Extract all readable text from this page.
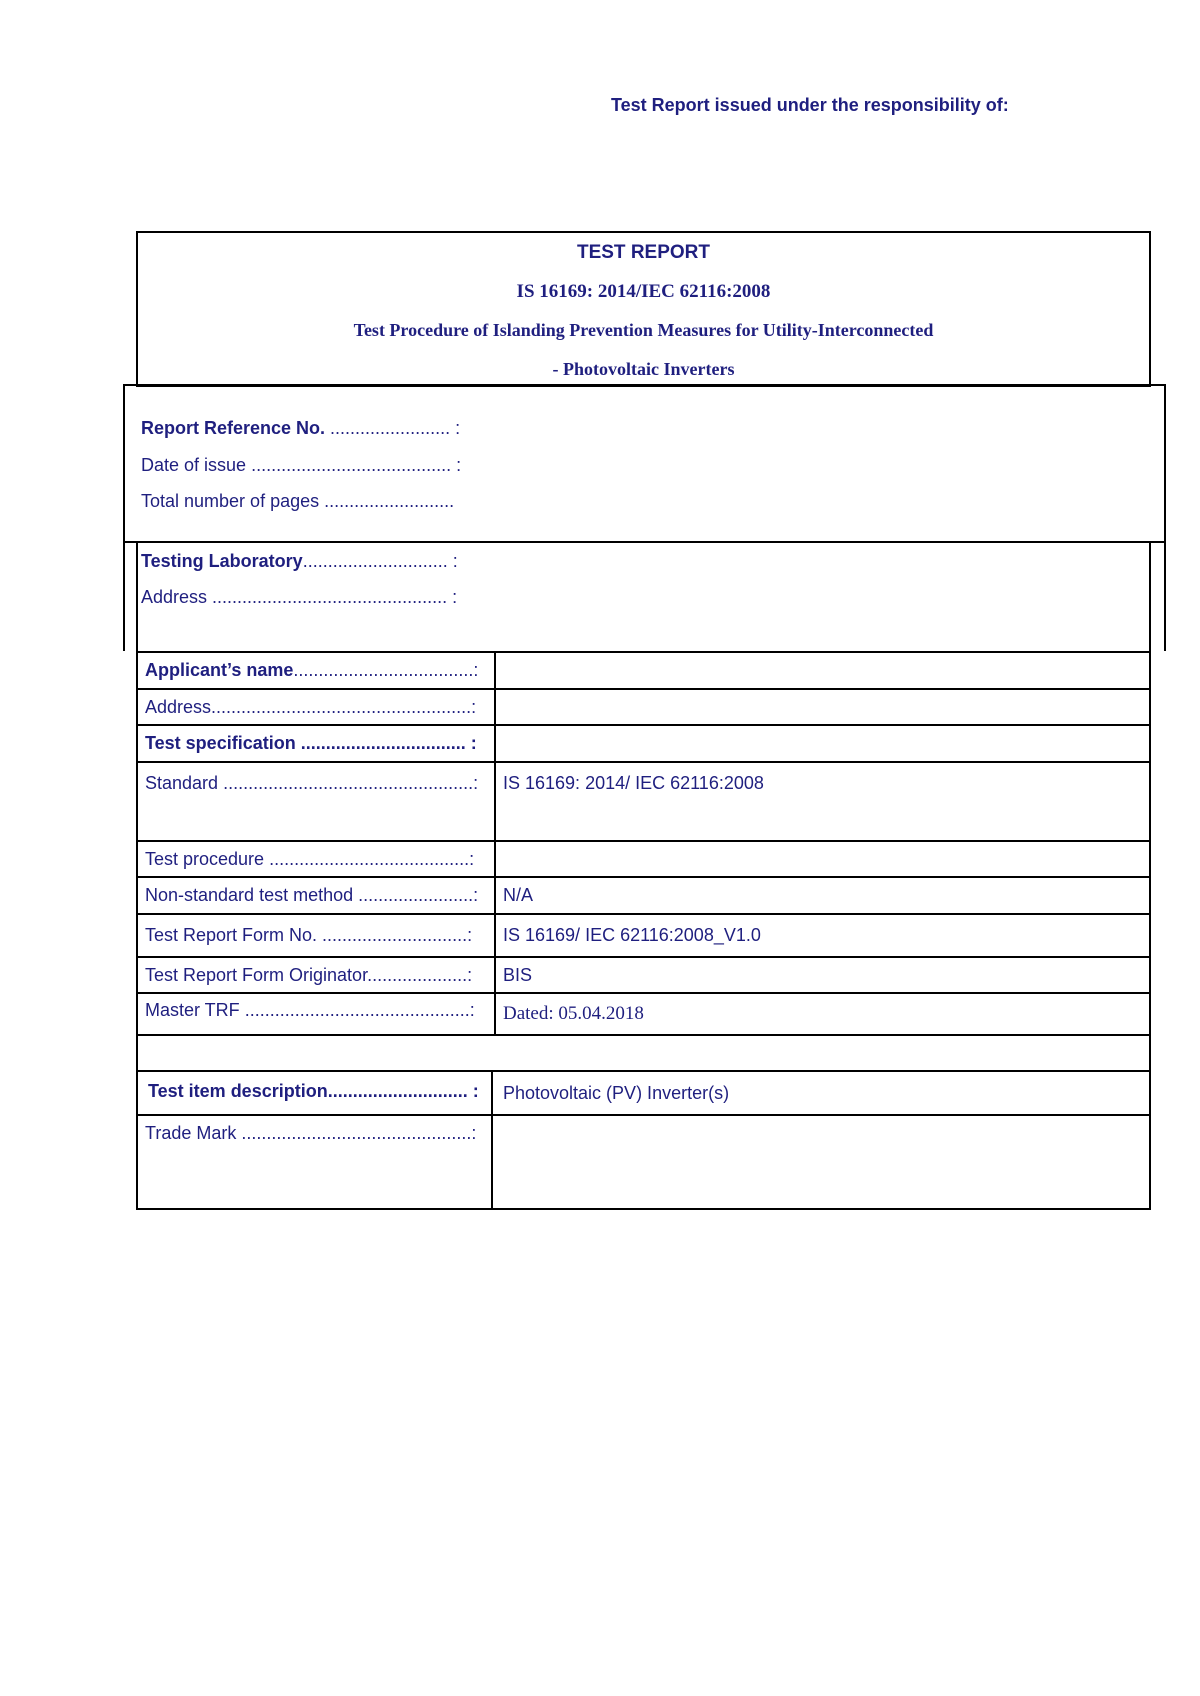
Test Report issued under the responsibility of:
TEST REPORT
IS 16169: 2014/IEC 62116:2008
Test Procedure of Islanding Prevention Measures for Utility-Interconnected
- Photovoltaic Inverters
Report Reference No. ........................ :
Date of issue ........................................ :
Total number of pages ..........................
Testing Laboratory............................. :
Address ............................................... :
Applicant’s name....................................:
Address....................................................:
Test specification ................................. :
Standard ..................................................:	IS 16169: 2014/ IEC 62116:2008
Test procedure ........................................:
Non-standard test method .......................:	N/A
Test Report Form No. .............................:	IS 16169/ IEC 62116:2008_V1.0
Test Report Form Originator....................:	BIS
Master TRF .............................................:	Dated: 05.04.2018
Test item description............................ :	Photovoltaic (PV) Inverter(s)
Trade Mark ..............................................:
